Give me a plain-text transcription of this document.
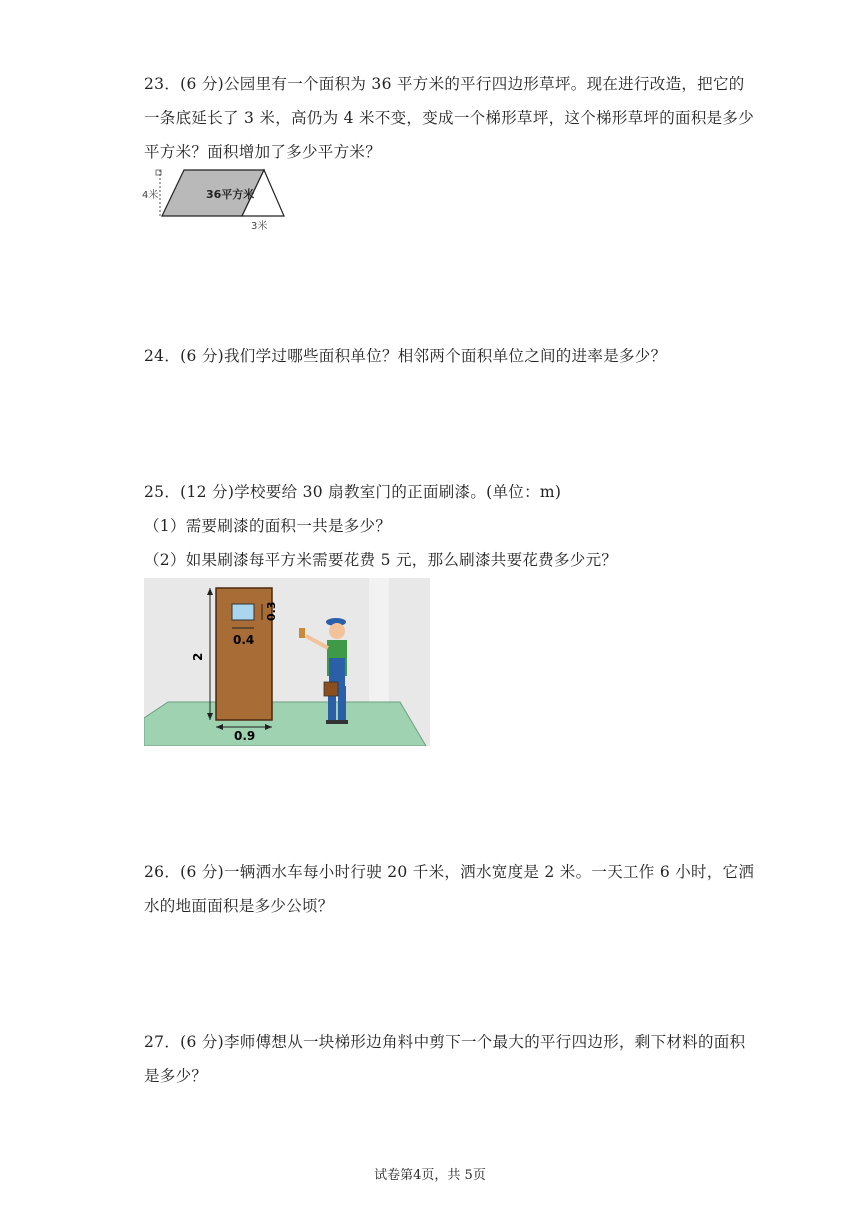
23．(6 分)公园里有一个面积为 36 平方米的平行四边形草坪。现在进行改造，把它的
一条底延长了 3 米，高仍为 4 米不变，变成一个梯形草坪，这个梯形草坪的面积是多少
平方米？面积增加了多少平方米？
36平方米
4米
3米
24．(6 分)我们学过哪些面积单位？相邻两个面积单位之间的进率是多少？
25．(12 分)学校要给 30 扇教室门的正面刷漆。(单位：m)
（1）需要刷漆的面积一共是多少？
（2）如果刷漆每平方米需要花费 5 元，那么刷漆共要花费多少元？
2
0.9
0.4
0.3
26．(6 分)一辆洒水车每小时行驶 20 千米，洒水宽度是 2 米。一天工作 6 小时，它洒
水的地面面积是多少公顷？
27．(6 分)李师傅想从一块梯形边角料中剪下一个最大的平行四边形，剩下材料的面积
是多少？
试卷第4页，共 5页
